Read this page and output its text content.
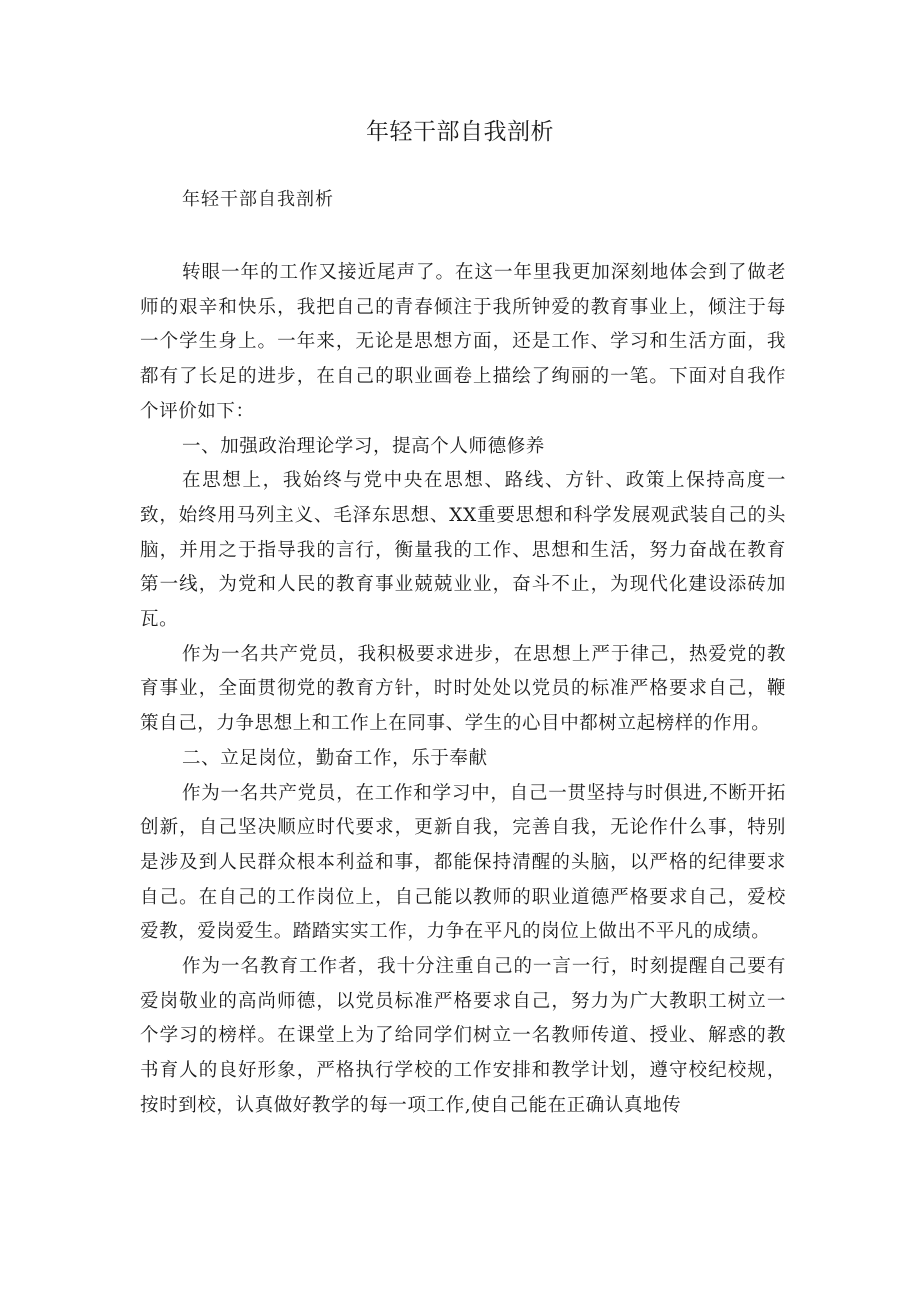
年轻干部自我剖析

年轻干部自我剖析

转眼一年的工作又接近尾声了。在这一年里我更加深刻地体会到了做老师的艰辛和快乐，我把自己的青春倾注于我所钟爱的教育事业上，倾注于每一个学生身上。一年来，无论是思想方面，还是工作、学习和生活方面，我都有了长足的进步，在自己的职业画卷上描绘了绚丽的一笔。下面对自我作个评价如下：

一、加强政治理论学习，提高个人师德修养

在思想上，我始终与党中央在思想、路线、方针、政策上保持高度一致，始终用马列主义、毛泽东思想、XX重要思想和科学发展观武装自己的头脑，并用之于指导我的言行，衡量我的工作、思想和生活，努力奋战在教育第一线，为党和人民的教育事业兢兢业业，奋斗不止，为现代化建设添砖加瓦。

作为一名共产党员，我积极要求进步，在思想上严于律己，热爱党的教育事业，全面贯彻党的教育方针，时时处处以党员的标准严格要求自己，鞭策自己，力争思想上和工作上在同事、学生的心目中都树立起榜样的作用。

二、立足岗位，勤奋工作，乐于奉献

作为一名共产党员，在工作和学习中，自己一贯坚持与时俱进,不断开拓创新，自己坚决顺应时代要求，更新自我，完善自我，无论作什么事，特别是涉及到人民群众根本利益和事，都能保持清醒的头脑，以严格的纪律要求自己。在自己的工作岗位上，自己能以教师的职业道德严格要求自己，爱校爱教，爱岗爱生。踏踏实实工作，力争在平凡的岗位上做出不平凡的成绩。

作为一名教育工作者，我十分注重自己的一言一行，时刻提醒自己要有爱岗敬业的高尚师德，以党员标准严格要求自己，努力为广大教职工树立一个学习的榜样。在课堂上为了给同学们树立一名教师传道、授业、解惑的教书育人的良好形象，严格执行学校的工作安排和教学计划，遵守校纪校规，按时到校，认真做好教学的每一项工作,使自己能在正确认真地传
